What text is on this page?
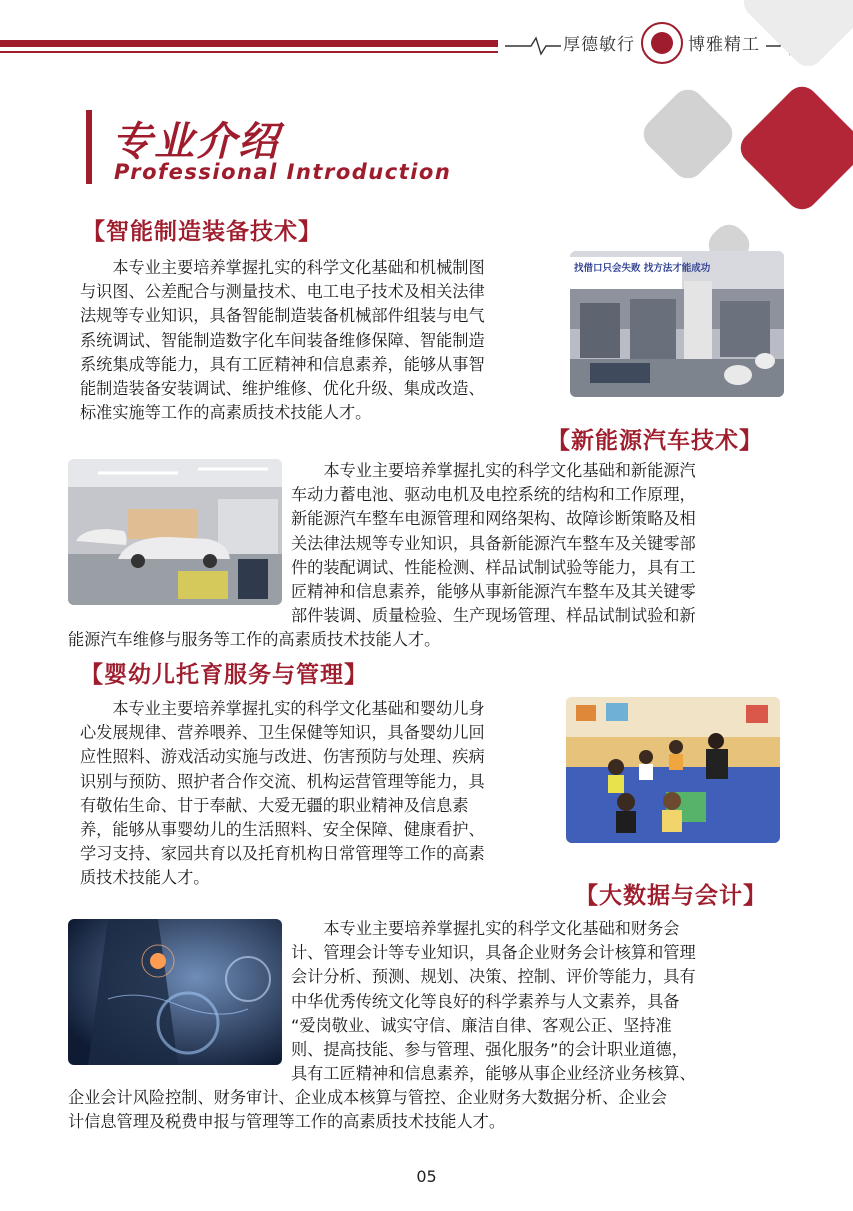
厚德敏行	博雅精工
专业介绍
Professional Introduction
【智能制造装备技术】

　　本专业主要培养掌握扎实的科学文化基础和机械制图

与识图、公差配合与测量技术、电工电子技术及相关法律

法规等专业知识，具备智能制造装备机械部件组装与电气

系统调试、智能制造数字化车间装备维修保障、智能制造

系统集成等能力，具有工匠精神和信息素养，能够从事智

能制造装备安装调试、维护维修、优化升级、集成改造、

标准实施等工作的高素质技术技能人才。

找借口只会失败 找方法才能成功
【新能源汽车技术】

　　本专业主要培养掌握扎实的科学文化基础和新能源汽

车动力蓄电池、驱动电机及电控系统的结构和工作原理，

新能源汽车整车电源管理和网络架构、故障诊断策略及相

关法律法规等专业知识，具备新能源汽车整车及关键零部

件的装配调试、性能检测、样品试制试验等能力，具有工

匠精神和信息素养，能够从事新能源汽车整车及其关键零

部件装调、质量检验、生产现场管理、样品试制试验和新

能源汽车维修与服务等工作的高素质技术技能人才。

【婴幼儿托育服务与管理】

　　本专业主要培养掌握扎实的科学文化基础和婴幼儿身

心发展规律、营养喂养、卫生保健等知识，具备婴幼儿回

应性照料、游戏活动实施与改进、伤害预防与处理、疾病

识别与预防、照护者合作交流、机构运营管理等能力，具

有敬佑生命、甘于奉献、大爱无疆的职业精神及信息素

养，能够从事婴幼儿的生活照料、安全保障、健康看护、

学习支持、家园共育以及托育机构日常管理等工作的高素

质技术技能人才。

【大数据与会计】

　　本专业主要培养掌握扎实的科学文化基础和财务会

计、管理会计等专业知识，具备企业财务会计核算和管理

会计分析、预测、规划、决策、控制、评价等能力，具有

中华优秀传统文化等良好的科学素养与人文素养，具备

“爱岗敬业、诚实守信、廉洁自律、客观公正、坚持准

则、提高技能、参与管理、强化服务”的会计职业道德，

具有工匠精神和信息素养，能够从事企业经济业务核算、

企业会计风险控制、财务审计、企业成本核算与管控、企业财务大数据分析、企业会

计信息管理及税费申报与管理等工作的高素质技术技能人才。

05
